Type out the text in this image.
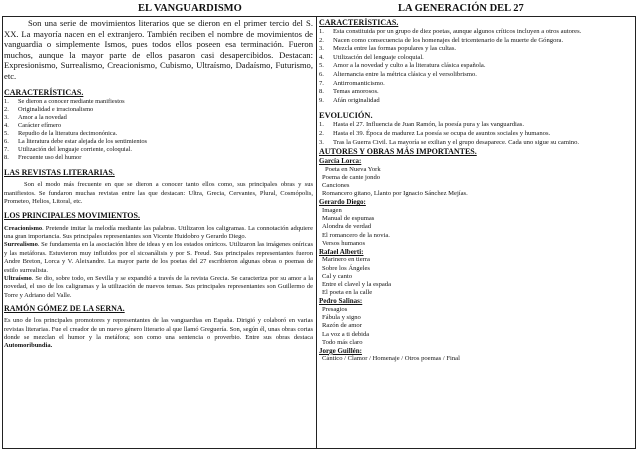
EL VANGUARDISMO	LA GENERACIÓN DEL 27

Son una serie de movimientos literarios que se dieron en el primer tercio del S. XX. La mayoría nacen en el extranjero. También reciben el nombre de movimientos de vanguardia o simplemente Ismos, pues todos ellos poseen esa terminación. Fueron muchos, aunque la mayor parte de ellos pasaron casi desapercibidos. Destacan: Expresionismo, Surrealismo, Creacionismo, Cubismo, Ultraísmo, Dadaísmo, Futurismo, etc.

CARACTERÍSTICAS.

1. Se dieron a conocer mediante manifiestos
2. Originalidad e irracionalismo
3. Amor a la novedad
4. Carácter efímero
5. Repudio de la literatura decimonónica.
6. La literatura debe estar alejada de los sentimientos
7. Utilización del lenguaje corriente, coloquial.
8. Frecuente uso del humor

LAS REVISTAS LITERARIAS.

Son el modo más frecuente en que se dieron a conocer tanto ellos como, sus principales obras y sus manifiestos. Se fundaron muchas revistas entre las que destacan: Ultra, Grecia, Cervantes, Plural, Cosmópolis, Prometeo, Helios, Litoral, etc.

LOS PRINCIPALES MOVIMIENTOS.

Creacionismo. Pretende imitar la melodía mediante las palabras. Utilizaron los caligramas. La connotación adquiere una gran importancia. Sus principales representantes son Vicente Huidobro y Gerardo Diego.

Surrealismo. Se fundamenta en la asociación libre de ideas y en los estados oníricos. Utilizaron las imágenes oníricas y las metáforas. Estuvieron muy influidos por el sicoanálisis y por S. Freud. Sus principales representantes fueron Andre Breton, Lorca y V. Aleixandre. La mayor parte de los poetas del 27 escribieron algunas obras o poemas de estilo surrealista.

Ultraísmo. Se dio, sobre todo, en Sevilla y se expandió a través de la revista Grecia. Se caracteriza por su amor a la novedad, el uso de los caligramas y la utilización de nuevos temas. Sus principales representantes son Guillermo de Torre y Adriano del Valle.

RAMÓN GÓMEZ DE LA SERNA.

Es uno de los principales promotores y representantes de las vanguardias en España. Dirigió y colaboró en varias revistas literarias. Fue el creador de un nuevo género literario al que llamó Greguería. Son, según él, unas obras cortas donde se mezclan el humor y la metáfora; son como una sentencia o proverbio. Entre sus obras destaca Automoribundia.

CARACTERÍSTICAS.

1. Esta constituida por un grupo de diez poetas, aunque algunos críticos incluyen a otros autores.
2. Nacen como consecuencia de los homenajes del tricentenario de la muerte de Góngora.
3. Mezcla entre las formas populares y las cultas.
4. Utilización del lenguaje coloquial.
5. Amor a la novedad y culto a la literatura clásica española.
6. Alternancia entre la métrica clásica y el versolibrismo.
7. Antirromanticismo.
8. Temas amorosos.
9. Afán originalidad

EVOLUCIÓN.

1. Hasta el 27. Influencia de Juan Ramón, la poesía pura y las vanguardias.
2. Hasta el 39. Época de madurez La poesía se ocupa de asuntos sociales y humanos.
3. Tras la Guerra Civil. La mayoría se exilian y el grupo desaparece. Cada uno sigue su camino.

AUTORES Y OBRAS MÁS IMPORTANTES.

García Lorca:

Poeta en Nueva York

Poema de cante jondo

Canciones

Romancero gitano, Llanto por Ignacio Sánchez Mejías.

Gerardo Diego:

Imagen

Manual de espumas

Alondra de verdad

El romancero de la novia.

Versos humanos

Rafael Alberti:

Marinero en tierra

Sobre los Ángeles

Cal y canto

Entre el clavel y la espada

El poeta en la calle

Pedro Salinas:

Presagios

Fábula y signo

Razón de amor

La voz a ti debida

Todo más claro

Jorge Guillén:

Cántico / Clamor / Homenaje / Otros poemas / Final
